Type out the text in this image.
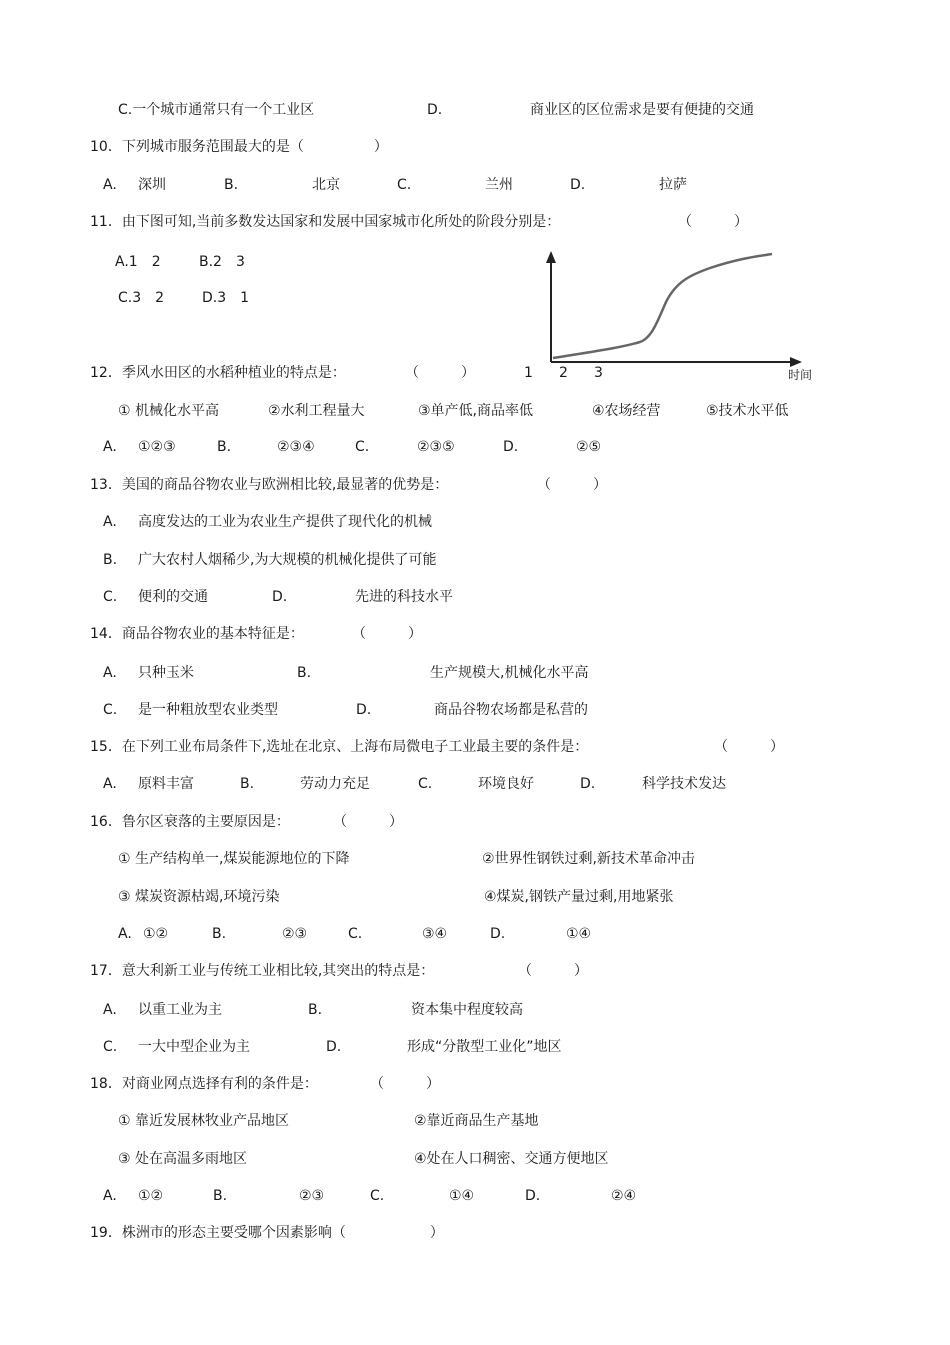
C.一个城市通常只有一个工业区	D.	商业区的区位需求是要有便捷的交通
10．下列城市服务范围最大的是（　　　　　）
A. 深圳	B.	北京	C.	兰州	D.	拉萨
11．由下图可知,当前多数发达国家和发展中国家城市化所处的阶段分别是：	（　　　）
A.1　2	B.2　3
C.3　2	D.3　1
12．季风水田区的水稻种植业的特点是：	（　　　）	1 2 3	时间
① 机械化水平高	②水利工程量大	③单产低,商品率低	④农场经营	⑤技术水平低
A. ①②③	B.	②③④	C.	②③⑤	D.	②⑤
13．美国的商品谷物农业与欧洲相比较,最显著的优势是：	（　　　）
A. 高度发达的工业为农业生产提供了现代化的机械
B. 广大农村人烟稀少,为大规模的机械化提供了可能
C. 便利的交通	D.	先进的科技水平
14．商品谷物农业的基本特征是：	（　　　）
A. 只种玉米	B.	生产规模大,机械化水平高
C. 是一种粗放型农业类型	D.	商品谷物农场都是私营的
15．在下列工业布局条件下,选址在北京、上海布局微电子工业最主要的条件是：	（　　　）
A. 原料丰富	B.	劳动力充足	C.	环境良好	D.	科学技术发达
16．鲁尔区衰落的主要原因是：	（　　　）
① 生产结构单一,煤炭能源地位的下降	②世界性钢铁过剩,新技术革命冲击
③ 煤炭资源枯竭,环境污染	④煤炭,钢铁产量过剩,用地紧张
A. ①②	B.	②③	C.	③④	D.	①④
17．意大利新工业与传统工业相比较,其突出的特点是：	（　　　）
A. 以重工业为主	B.	资本集中程度较高
C. 一大中型企业为主	D.	形成“分散型工业化”地区
18．对商业网点选择有利的条件是：	（　　　）
① 靠近发展林牧业产品地区	②靠近商品生产基地
③ 处在高温多雨地区	④处在人口稠密、交通方便地区
A. ①②	B.	②③	C.	①④	D.	②④
19．株洲市的形态主要受哪个因素影响（　　　　　　）
